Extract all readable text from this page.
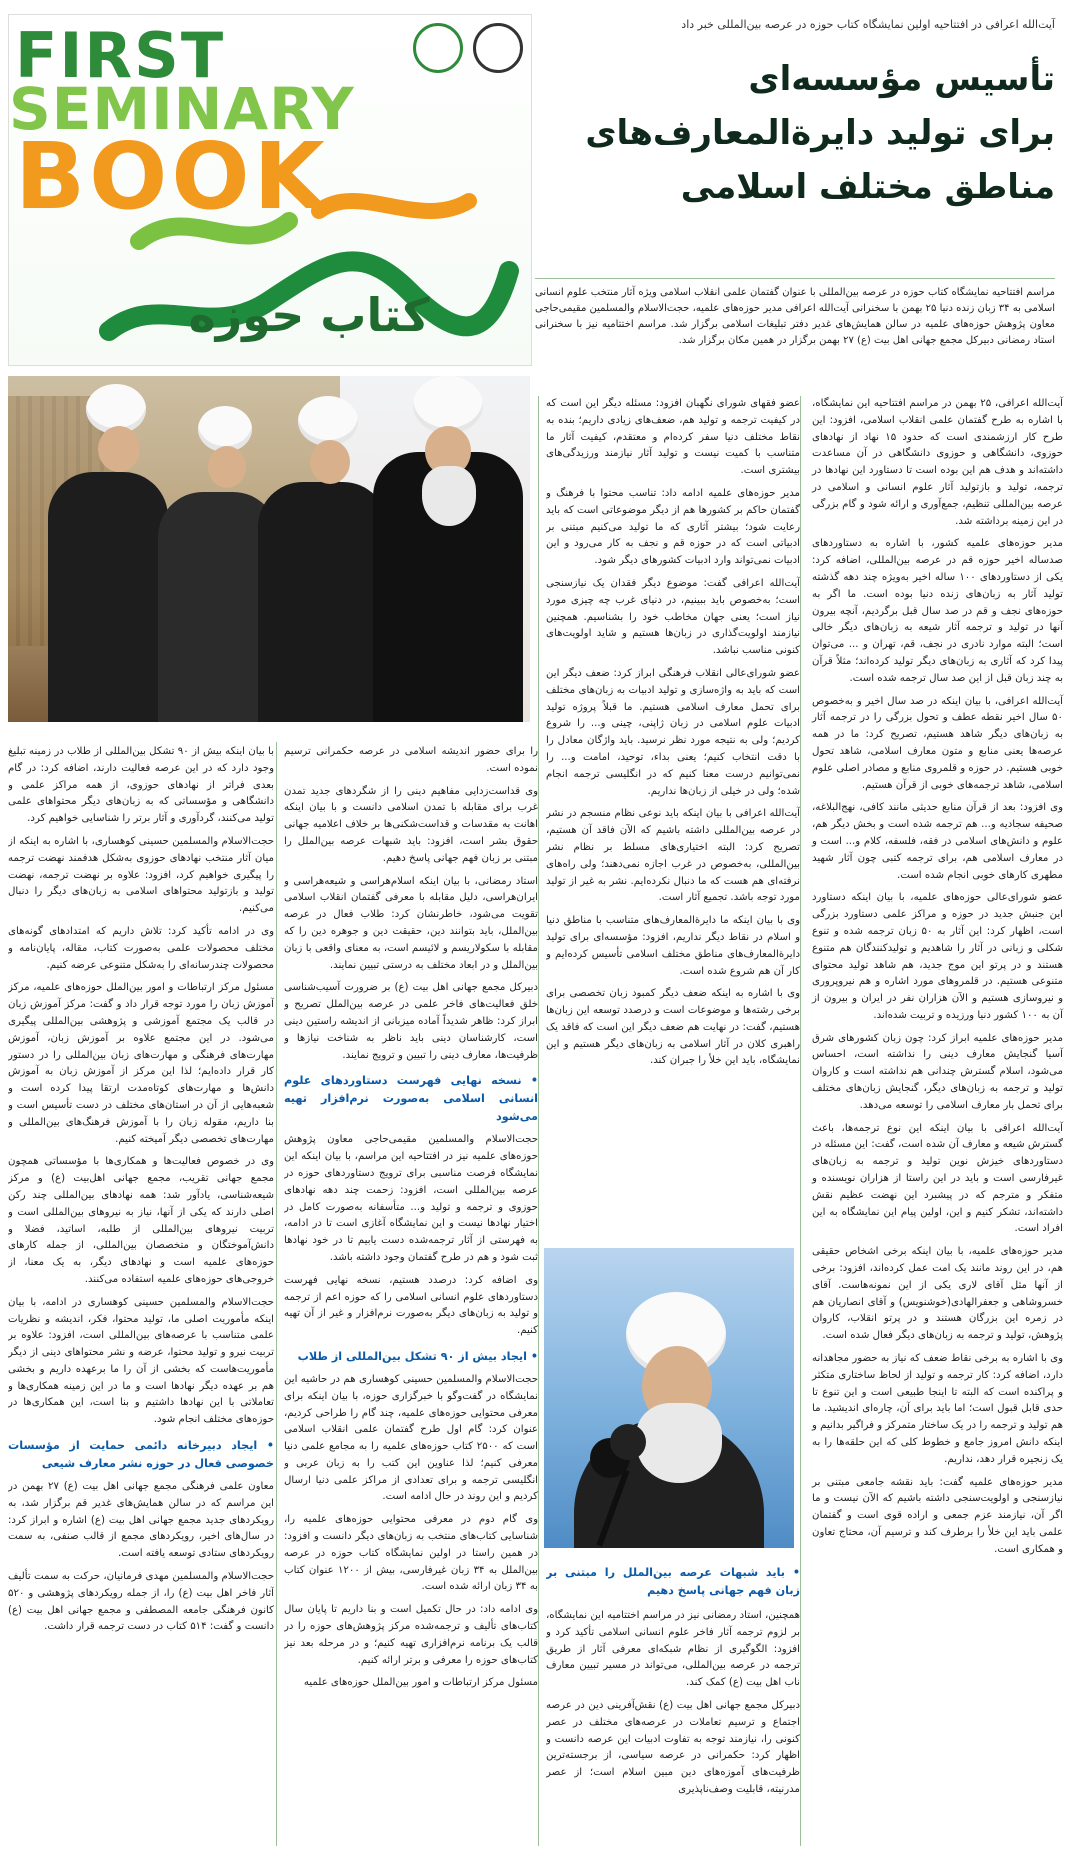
FIRST
SEMINARY
BOOK
کتاب حوزه
آیت‌الله اعرافی در افتتاحیه اولین نمایشگاه کتاب حوزه در عرصه بین‌المللی خبر داد
تأسیس مؤسسه‌ای
برای تولید دایرة‌المعارف‌های
مناطق مختلف اسلامی
مراسم افتتاحیه نمایشگاه کتاب حوزه در عرصه بین‌المللی با عنوان گفتمان علمی انقلاب اسلامی ویژه آثار منتخب علوم انسانی اسلامی به ۳۴ زبان زنده دنیا ۲۵ بهمن با سخنرانی آیت‌الله اعرافی مدیر حوزه‌های علمیه، حجت‌الاسلام والمسلمین مقیمی‌حاجی معاون پژوهش حوزه‌های علمیه در سالن همایش‌های غدیر دفتر تبلیغات اسلامی برگزار شد. مراسم اختتامیه نیز با سخنرانی استاد رمضانی دبیرکل مجمع جهانی اهل بیت (ع) ۲۷ بهمن برگزار در همین مکان برگزار شد.

آیت‌الله اعرافی، ۲۵ بهمن در مراسم افتتاحیه این نمایشگاه، با اشاره به طرح گفتمان علمی انقلاب اسلامی، افزود: این طرح کار ارزشمندی است که حدود ۱۵ نهاد از نهادهای حوزوی، دانشگاهی و حوزوی دانشگاهی در آن مساعدت داشته‌اند و هدف هم این بوده است تا دستاورد این نهادها در ترجمه، تولید و بازتولید آثار علوم انسانی و اسلامی در عرصه بین‌المللی تنظیم، جمع‌آوری و ارائه شود و گام بزرگی در این زمینه برداشته شد.

مدیر حوزه‌های علمیه کشور، با اشاره به دستاوردهای صدساله اخیر حوزه قم در عرصه بین‌المللی، اضافه کرد: یکی از دستاوردهای ۱۰۰ ساله اخیر به‌ویژه چند دهه گذشته تولید آثار به زبان‌های زنده دنیا بوده است. ما اگر به حوزه‌های نجف و قم در صد سال قبل برگردیم، آنچه بیرون آنها در تولید و ترجمه آثار شیعه به زبان‌های دیگر خالی است؛ البته موارد نادری در نجف، قم، تهران و ... می‌توان پیدا کرد که آثاری به زبان‌های دیگر تولید کرده‌اند؛ مثلاً قرآن به چند زبان قبل از این صد سال ترجمه شده است.

آیت‌الله اعرافی، با بیان اینکه در صد سال اخیر و به‌خصوص ۵۰ سال اخیر نقطه عطف و تحول بزرگی را در ترجمه آثار به زبان‌های دیگر شاهد هستیم، تصریح کرد: ما در همه عرصه‌ها یعنی منابع و متون معارف اسلامی، شاهد تحول خوبی هستیم. در حوزه و قلمروی منابع و مصادر اصلی علوم اسلامی، شاهد ترجمه‌های خوبی از قرآن هستیم.

وی افزود: بعد از قرآن منابع حدیثی مانند کافی، نهج‌البلاغه، صحیفه سجادیه و... هم ترجمه شده است و بخش دیگر هم، علوم و دانش‌های اسلامی در فقه، فلسفه، کلام و... است و در معارف اسلامی هم، برای ترجمه کتبی چون آثار شهید مطهری کارهای خوبی انجام شده است.

عضو شورای‌عالی حوزه‌های علمیه، با بیان اینکه دستاورد این جنبش جدید در حوزه و مراکز علمی دستاورد بزرگی است، اظهار کرد: این آثار به ۵۰ زبان ترجمه شده و تنوع شکلی و زبانی در آثار را شاهدیم و تولیدکنندگان هم متنوع هستند و در پرتو این موج جدید، هم شاهد تولید محتوای متنوعی هستیم. در قلمروهای مورد اشاره و هم نیروپروری و نیروسازی هستیم و الآن هزاران نفر در ایران و بیرون از آن به ۱۰۰ کشور دنیا ورزیده و تربیت شده‌اند.

مدیر حوزه‌های علمیه ابراز کرد: چون زبان کشورهای شرق آسیا گنجایش معارف دینی را نداشته است، احساس می‌شود، اسلام گسترش چندانی هم نداشته است و کاروان تولید و ترجمه به زبان‌های دیگر، گنجایش زبان‌های مختلف برای تحمل بار معارف اسلامی را توسعه می‌دهد.

آیت‌الله اعرافی با بیان اینکه این نوع ترجمه‌ها، باعث گسترش شیعه و معارف آن شده است، گفت: این مسئله در دستاوردهای خیزش نوین تولید و ترجمه به زبان‌های غیرفارسی است و باید در این راستا از هزاران نویسنده و متفکر و مترجم که در پیشبرد این نهضت عظیم نقش داشته‌اند، تشکر کنیم و این، اولین پیام این نمایشگاه به این افراد است.

مدیر حوزه‌های علمیه، با بیان اینکه برخی اشخاص حقیقی هم، در این روند مانند یک امت عمل کرده‌اند، افزود: برخی از آنها مثل آقای لاری یکی از این نمونه‌هاست. آقای خسروشاهی و جعفرالهادی(خوشنویس) و آقای انصاریان هم در زمره این بزرگان هستند و در پرتو انقلاب، کاروان پژوهش، تولید و ترجمه به زبان‌های دیگر فعال شده است.

وی با اشاره به برخی نقاط ضعف که نیاز به حضور مجاهدانه دارد، اضافه کرد: کار ترجمه و تولید از لحاظ ساختاری متکثر و پراکنده است که البته تا اینجا طبیعی است و این تنوع تا حدی قابل قبول است؛ اما باید برای آن، چاره‌ای اندیشید. ما هم تولید و ترجمه را در یک ساختار متمرکز و فراگیر بدانیم و اینکه دانش امروز جامع و خطوط کلی که این حلقه‌ها را به یک زنجیره قرار دهد، نداریم.

مدیر حوزه‌های علمیه گفت: باید نقشه جامعی مبتنی بر نیازسنجی و اولویت‌سنجی داشته باشیم که الآن نیست و ما اگر آن، نیازمند عزم جمعی و اراده قوی است و گفتمان علمی باید این خلأ را برطرف کند و ترسیم آن، محتاج تعاون و همکاری است.

عضو فقهای شورای نگهبان افزود: مسئله دیگر این است که در کیفیت ترجمه و تولید هم، ضعف‌های زیادی داریم؛ بنده به نقاط مختلف دنیا سفر کرده‌ام و معتقدم، کیفیت آثار ما متناسب با کمیت نیست و تولید آثار نیازمند ورزیدگی‌های بیشتری است.

مدیر حوزه‌های علمیه ادامه داد: تناسب محتوا با فرهنگ و گفتمان حاکم بر کشورها هم از دیگر موضوعاتی است که باید رعایت شود؛ بیشتر آثاری که ما تولید می‌کنیم مبتنی بر ادبیاتی است که در حوزه قم و نجف به کار می‌رود و این ادبیات نمی‌تواند وارد ادبیات کشورهای دیگر شود.

آیت‌الله اعرافی گفت: موضوع دیگر فقدان یک نیازسنجی است؛ به‌خصوص باید ببینیم، در دنیای غرب چه چیزی مورد نیاز است؛ یعنی جهان مخاطب خود را بشناسیم. همچنین نیازمند اولویت‌گذاری در زبان‌ها هستیم و شاید اولویت‌های کنونی مناسب نباشد.

عضو شورای‌عالی انقلاب فرهنگی ابراز کرد: ضعف دیگر این است که باید به واژه‌سازی و تولید ادبیات به زبان‌های مختلف برای تحمل معارف اسلامی هستیم. ما قبلاً پروژه تولید ادبیات علوم اسلامی در زبان ژاپنی، چینی و... را شروع کردیم؛ ولی به نتیجه مورد نظر نرسید. باید واژگان معادل را با دقت انتخاب کنیم؛ یعنی بداء، توحید، امامت و... را نمی‌توانیم درست معنا کنیم که در انگلیسی ترجمه انجام شده؛ ولی در خیلی از زبان‌ها نداریم.

آیت‌الله اعرافی با بیان اینکه باید نوعی نظام منسجم در نشر در عرصه بین‌المللی داشته باشیم که الآن فاقد آن هستیم، تصریح کرد: البته اختیاری‌های مسلط بر نظام نشر بین‌المللی، به‌خصوص در غرب اجازه نمی‌دهند؛ ولی راه‌های نرفته‌ای هم هست که ما دنبال نکرده‌ایم. نشر به غیر از تولید مورد توجه باشد. تجمیع آثار است.

وی با بیان اینکه ما دایرة‌المعارف‌های متناسب با مناطق دنیا و اسلام در نقاط دیگر نداریم، افزود: مؤسسه‌ای برای تولید دایرة‌المعارف‌های مناطق مختلف اسلامی تأسیس کرده‌ایم و کار آن هم شروع شده است.

وی با اشاره به اینکه ضعف دیگر کمبود زبان تخصصی برای برخی رشته‌ها و موضوعات است و درصدد توسعه این زبان‌ها هستیم، گفت: در نهایت هم ضعف دیگر این است که فاقد یک راهبری کلان در آثار اسلامی به زبان‌های دیگر هستیم و این نمایشگاه، باید این خلأ را جبران کند.

• باید شبهات عرصه بین‌الملل را مبتنی بر زبان فهم جهانی پاسخ دهیم

همچنین، استاد رمضانی نیز در مراسم اختتامیه این نمایشگاه، بر لزوم ترجمه آثار فاخر علوم انسانی اسلامی تأکید کرد و افزود: الگوگیری از نظام شبکه‌ای معرفی آثار از طریق ترجمه در عرصه بین‌المللی، می‌تواند در مسیر تبیین معارف ناب اهل بیت (ع) کمک کند.

دبیرکل مجمع جهانی اهل بیت (ع) نقش‌آفرینی دین در عرصه اجتماع و ترسیم تعاملات در عرصه‌های مختلف در عصر کنونی را، نیازمند توجه به تفاوت ادبیات این عرصه دانست و اظهار کرد: حکمرانی در عرصه سیاسی، از برجسته‌ترین ظرفیت‌های آموزه‌های دین مبین اسلام است؛ از عصر مدرنیته، قابلیت وصف‌ناپذیری

را برای حضور اندیشه اسلامی در عرصه حکمرانی ترسیم نموده است.

وی قداست‌زدایی مفاهیم دینی را از شگردهای جدید تمدن غرب برای مقابله با تمدن اسلامی دانست و با بیان اینکه اهانت به مقدسات و قداست‌شکنی‌ها بر خلاف اعلامیه جهانی حقوق بشر است، افزود: باید شبهات عرصه بین‌الملل را مبتنی بر زبان فهم جهانی پاسخ دهیم.

استاد رمضانی، با بیان اینکه اسلام‌هراسی و شیعه‌هراسی و ایران‌هراسی، دلیل مقابله با معرفی گفتمان انقلاب اسلامی تقویت می‌شود، خاطرنشان کرد: طلاب فعال در عرصه بین‌الملل، باید بتوانند دین، حقیقت دین و جوهره دین را که مقابله با سکولاریسم و لائیسم است، به معنای واقعی با زبان بین‌الملل و در ابعاد مختلف به درستی تبیین نمایند.

دبیرکل مجمع جهانی اهل بیت (ع) بر ضرورت آسیب‌شناسی خلق فعالیت‌های فاخر علمی در عرصه بین‌الملل تصریح و ابراز کرد: ظاهر شدیداً آماده میزبانی از اندیشه راستین دینی است، کارشناسان دینی باید ناظر به شناخت نیازها و ظرفیت‌ها، معارف دینی را تبیین و ترویج نمایند.

• نسخه نهایی فهرست دستاوردهای علوم انسانی اسلامی به‌صورت نرم‌افزار تهیه می‌شود

حجت‌الاسلام والمسلمین مقیمی‌حاجی معاون پژوهش حوزه‌های علمیه نیز در افتتاحیه این مراسم، با بیان اینکه این نمایشگاه فرصت مناسبی برای ترویج دستاوردهای حوزه در عرصه بین‌المللی است، افزود: زحمت چند دهه نهادهای حوزوی و ترجمه و تولید و... متأسفانه به‌صورت کامل در اختیار نهادها نیست و این نمایشگاه آغازی است تا در ادامه، به فهرستی از آثار ترجمه‌شده دست یابیم تا در خود نهادها ثبت شود و هم در طرح گفتمان وجود داشته باشد.

وی اضافه کرد: درصدد هستیم، نسخه نهایی فهرست دستاوردهای علوم انسانی اسلامی را که حوزه اعم از ترجمه و تولید به زبان‌های دیگر به‌صورت نرم‌افزار و غیر از آن تهیه کنیم.

• ایجاد بیش از ۹۰ تشکل بین‌المللی از طلاب

حجت‌الاسلام والمسلمین حسینی کوهساری هم در حاشیه این نمایشگاه در گفت‌وگو با خبرگزاری حوزه، با بیان اینکه برای معرفی محتوایی حوزه‌های علمیه، چند گام را طراحی کردیم، عنوان کرد: گام اول طرح گفتمان علمی انقلاب اسلامی است که ۲۵۰۰ کتاب حوزه‌های علمیه را به مجامع علمی دنیا معرفی کنیم؛ لذا عناوین این کتب را به زبان عربی و انگلیسی ترجمه و برای تعدادی از مراکز علمی دنیا ارسال کردیم و این روند در حال ادامه است.

وی گام دوم در معرفی محتوایی حوزه‌های علمیه را، شناسایی کتاب‌های منتخب به زبان‌های دیگر دانست و افزود: در همین راستا در اولین نمایشگاه کتاب حوزه در عرصه بین‌الملل به ۳۴ زبان غیرفارسی، بیش از ۱۲۰۰ عنوان کتاب به ۳۴ زبان ارائه شده است.

وی ادامه داد: در حال تکمیل است و بنا داریم تا پایان سال کتاب‌های تألیف و ترجمه‌شده مرکز پژوهش‌های حوزه را در قالب یک برنامه نرم‌افزاری تهیه کنیم؛ و در مرحله بعد نیز کتاب‌های حوزه را معرفی و برتر ارائه کنیم.

مسئول مرکز ارتباطات و امور بین‌الملل حوزه‌های علمیه

با بیان اینکه بیش از ۹۰ تشکل بین‌المللی از طلاب در زمینه تبلیغ وجود دارد که در این عرصه فعالیت دارند، اضافه کرد: در گام بعدی فراتر از نهادهای حوزوی، از همه مراکز علمی و دانشگاهی و مؤسساتی که به زبان‌های دیگر محتواهای علمی تولید می‌کنند، گردآوری و آثار برتر را شناسایی خواهیم کرد.

حجت‌الاسلام والمسلمین حسینی کوهساری، با اشاره به اینکه از میان آثار منتخب نهادهای حوزوی به‌شکل هدفمند نهضت ترجمه را پیگیری خواهیم کرد، افزود: علاوه بر نهضت ترجمه، نهضت تولید و بازتولید محتواهای اسلامی به زبان‌های دیگر را دنبال می‌کنیم.

وی در ادامه تأکید کرد: تلاش داریم که امتدادهای گونه‌های مختلف محصولات علمی به‌صورت کتاب، مقاله، پایان‌نامه و محصولات چندرسانه‌ای را به‌شکل متنوعی عرضه کنیم.

مسئول مرکز ارتباطات و امور بین‌الملل حوزه‌های علمیه، مرکز آموزش زبان را مورد توجه قرار داد و گفت: مرکز آموزش زبان در قالب یک مجتمع آموزشی و پژوهشی بین‌المللی پیگیری می‌شود. در این مجتمع علاوه بر آموزش زبان، آموزش مهارت‌های فرهنگی و مهارت‌های زبان بین‌المللی را در دستور کار قرار داده‌ایم؛ لذا این مرکز از آموزش زبان به آموزش دانش‌ها و مهارت‌های کوتاه‌مدت ارتقا پیدا کرده است و شعبه‌هایی از آن در استان‌های مختلف در دست تأسیس است و بنا داریم، مقوله زبان را با آموزش فرهنگ‌های بین‌المللی و مهارت‌های تخصصی دیگر آمیخته کنیم.

وی در خصوص فعالیت‌ها و همکاری‌ها با مؤسساتی همچون مجمع جهانی تقریب، مجمع جهانی اهل‌بیت (ع) و مرکز شیعه‌شناسی، یادآور شد: همه نهادهای بین‌المللی چند رکن اصلی دارند که یکی از آنها، نیاز به نیروهای بین‌المللی است و تربیت نیروهای بین‌المللی از طلبه، اساتید، فضلا و دانش‌آموختگان و متخصصان بین‌المللی، از جمله کارهای حوزه‌های علمیه است و نهادهای دیگر، به یک معنا، از خروجی‌های حوزه‌های علمیه استفاده می‌کنند.

حجت‌الاسلام والمسلمین حسینی کوهساری در ادامه، با بیان اینکه مأموریت اصلی ما، تولید محتوا، فکر، اندیشه و نظریات علمی متناسب با عرصه‌های بین‌المللی است، افزود: علاوه بر تربیت نیرو و تولید محتوا، عرضه و نشر محتواهای دینی از دیگر مأموریت‌هاست که بخشی از آن را ما برعهده داریم و بخشی هم بر عهده دیگر نهادها است و ما در این زمینه همکاری‌ها و تعاملاتی با این نهادها داشتیم و بنا است، این همکاری‌ها در حوزه‌های مختلف انجام شود.

• ایجاد دبیرخانه دائمی حمایت از مؤسسات خصوصی فعال در حوزه نشر معارف شیعی

معاون علمی فرهنگی مجمع جهانی اهل بیت (ع) ۲۷ بهمن در این مراسم که در سالن همایش‌های غدیر قم برگزار شد، به رویکردهای جدید مجمع جهانی اهل بیت (ع) اشاره و ابراز کرد: در سال‌های اخیر، رویکردهای مجمع از قالب صنفی، به سمت رویکردهای ستادی توسعه یافته است.

حجت‌الاسلام والمسلمین مهدی فرمانیان، حرکت به سمت تألیف آثار فاخر اهل بیت (ع) را، از جمله رویکردهای پژوهشی و ۵۲۰ کانون فرهنگی جامعه المصطفی و مجمع جهانی اهل بیت (ع) دانست و گفت: ۵۱۴ کتاب در دست ترجمه قرار داشت.
